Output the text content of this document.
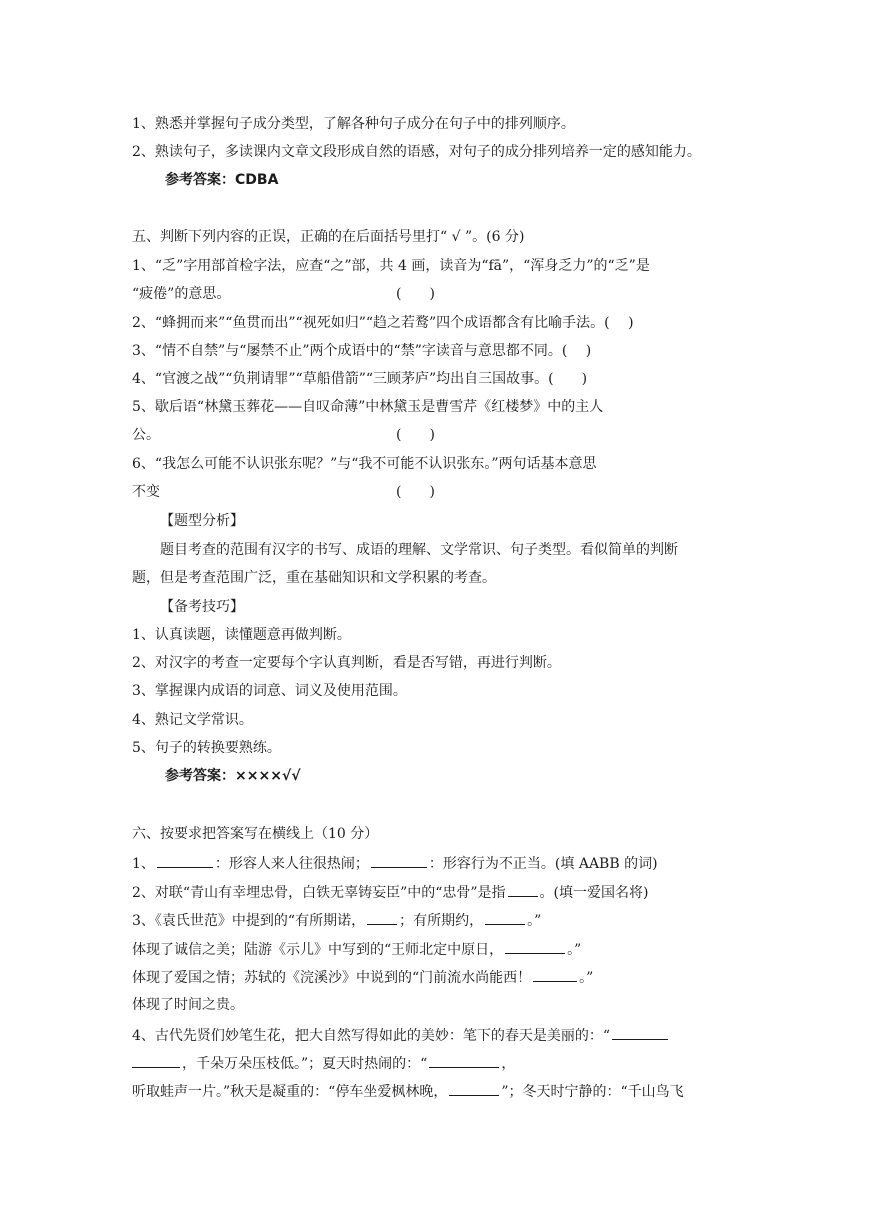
1、熟悉并掌握句子成分类型，了解各种句子成分在句子中的排列顺序。
2、熟读句子，多读课内文章文段形成自然的语感，对句子的成分排列培养一定的感知能力。
参考答案：CDBA
五、判断下列内容的正误，正确的在后面括号里打“ √ ”。(6 分)
1、“乏”字用部首检字法，应查“之”部，共 4 画，读音为“fā”，“浑身乏力”的“乏”是
“疲倦”的意思。	(　　)
2、“蜂拥而来”“鱼贯而出”“视死如归”“趋之若鹜”四个成语都含有比喻手法。(　 )
3、“情不自禁”与“屡禁不止”两个成语中的“禁”字读音与意思都不同。(　 )
4、“官渡之战”“负荆请罪”“草船借箭”“三顾茅庐”均出自三国故事。(　　)
5、歇后语“林黛玉葬花——自叹命薄”中林黛玉是曹雪芹《红楼梦》中的主人
公。	(　　)
6、“我怎么可能不认识张东呢？”与“我不可能不认识张东。”两句话基本意思
不变	(　　)
【题型分析】
题目考查的范围有汉字的书写、成语的理解、文学常识、句子类型。看似简单的判断
题，但是考查范围广泛，重在基础知识和文学积累的考查。
【备考技巧】
1、认真读题，读懂题意再做判断。
2、对汉字的考查一定要每个字认真判断，看是否写错，再进行判断。
3、掌握课内成语的词意、词义及使用范围。
4、熟记文学常识。
5、句子的转换要熟练。
参考答案：××××√√
六、按要求把答案写在横线上（10 分）
1、	：形容人来人往很热闹；	：形容行为不正当。(填 AABB 的词)
2、对联“青山有幸埋忠骨，白铁无辜铸妄臣”中的“忠骨”是指 。(填一爱国名将)
3、《袁氏世范》中提到的“有所期诺， ；有所期约，	。”
体现了诚信之美；陆游《示儿》中写到的“王师北定中原日，	。”
体现了爱国之情；苏轼的《浣溪沙》中说到的“门前流水尚能西！	。”
体现了时间之贵。
4、古代先贤们妙笔生花，把大自然写得如此的美妙：笔下的春天是美丽的：“
，千朵万朵压枝低。”；夏天时热闹的：“	，
听取蛙声一片。”秋天是凝重的：“停车坐爱枫林晚，	”；冬天时宁静的：“千山鸟飞
